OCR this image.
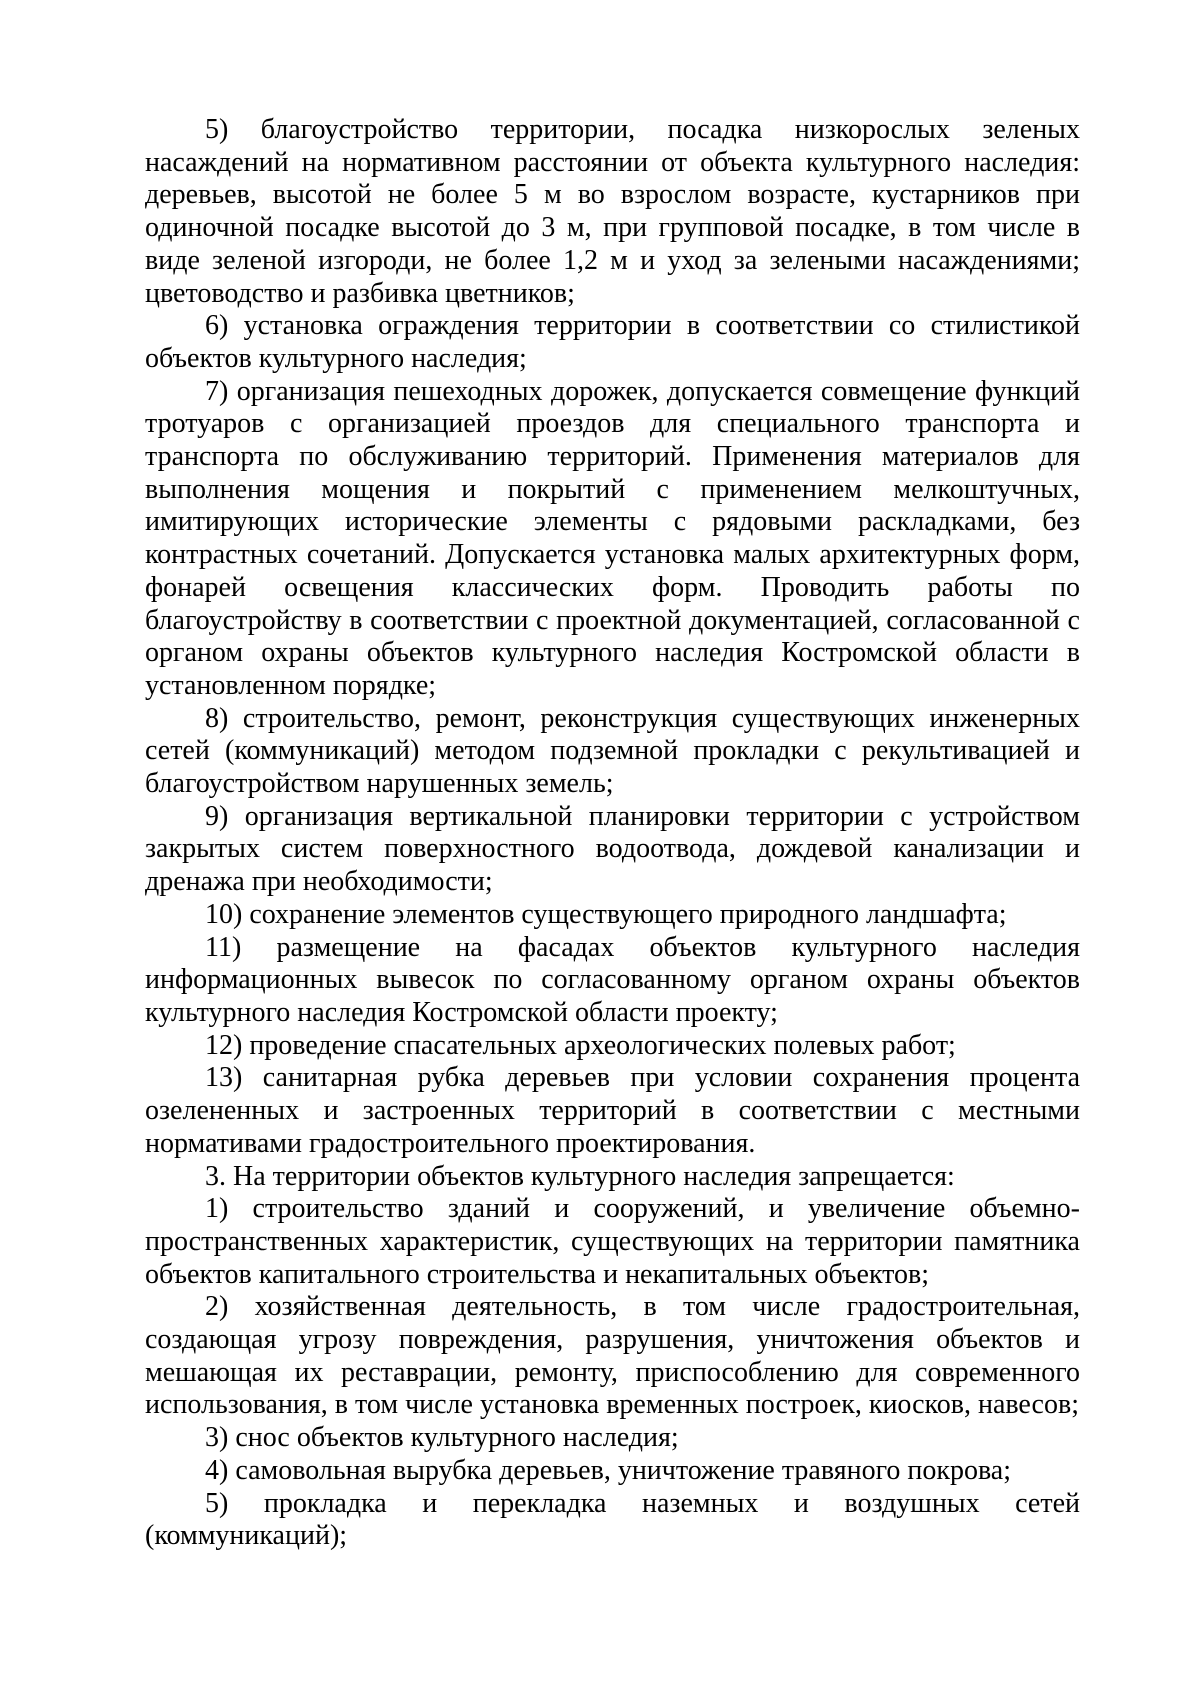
5) благоустройство территории, посадка низкорослых зеленых насаждений на нормативном расстоянии от объекта культурного наследия: деревьев, высотой не более 5 м во взрослом возрасте, кустарников при одиночной посадке высотой до 3 м, при групповой посадке, в том числе в виде зеленой изгороди, не более 1,2 м и уход за зелеными насаждениями; цветоводство и разбивка цветников;

6) установка ограждения территории в соответствии со стилистикой объектов культурного наследия;

7) организация пешеходных дорожек, допускается совмещение функций тротуаров с организацией проездов для специального транспорта и транспорта по обслуживанию территорий. Применения материалов для выполнения мощения и покрытий с применением мелкоштучных, имитирующих исторические элементы с рядовыми раскладками, без контрастных сочетаний. Допускается установка малых архитектурных форм, фонарей освещения классических форм. Проводить работы по благоустройству в соответствии с проектной документацией, согласованной с органом охраны объектов культурного наследия Костромской области в установленном порядке;

8) строительство, ремонт, реконструкция существующих инженерных сетей (коммуникаций) методом подземной прокладки с рекультивацией и благоустройством нарушенных земель;

9) организация вертикальной планировки территории с устройством закрытых систем поверхностного водоотвода, дождевой канализации и дренажа при необходимости;

10) сохранение элементов существующего природного ландшафта;

11) размещение на фасадах объектов культурного наследия информационных вывесок по согласованному органом охраны объектов культурного наследия Костромской области проекту;

12) проведение спасательных археологических полевых работ;

13) санитарная рубка деревьев при условии сохранения процента озелененных и застроенных территорий в соответствии с местными нормативами градостроительного проектирования.

3. На территории объектов культурного наследия запрещается:

1) строительство зданий и сооружений, и увеличение объемно-пространственных характеристик, существующих на территории памятника объектов капитального строительства и некапитальных объектов;

2) хозяйственная деятельность, в том числе градостроительная, создающая угрозу повреждения, разрушения, уничтожения объектов и мешающая их реставрации, ремонту, приспособлению для современного использования, в том числе установка временных построек, киосков, навесов;

3) снос объектов культурного наследия;

4) самовольная вырубка деревьев, уничтожение травяного покрова;

5) прокладка и перекладка наземных и воздушных сетей (коммуникаций);
